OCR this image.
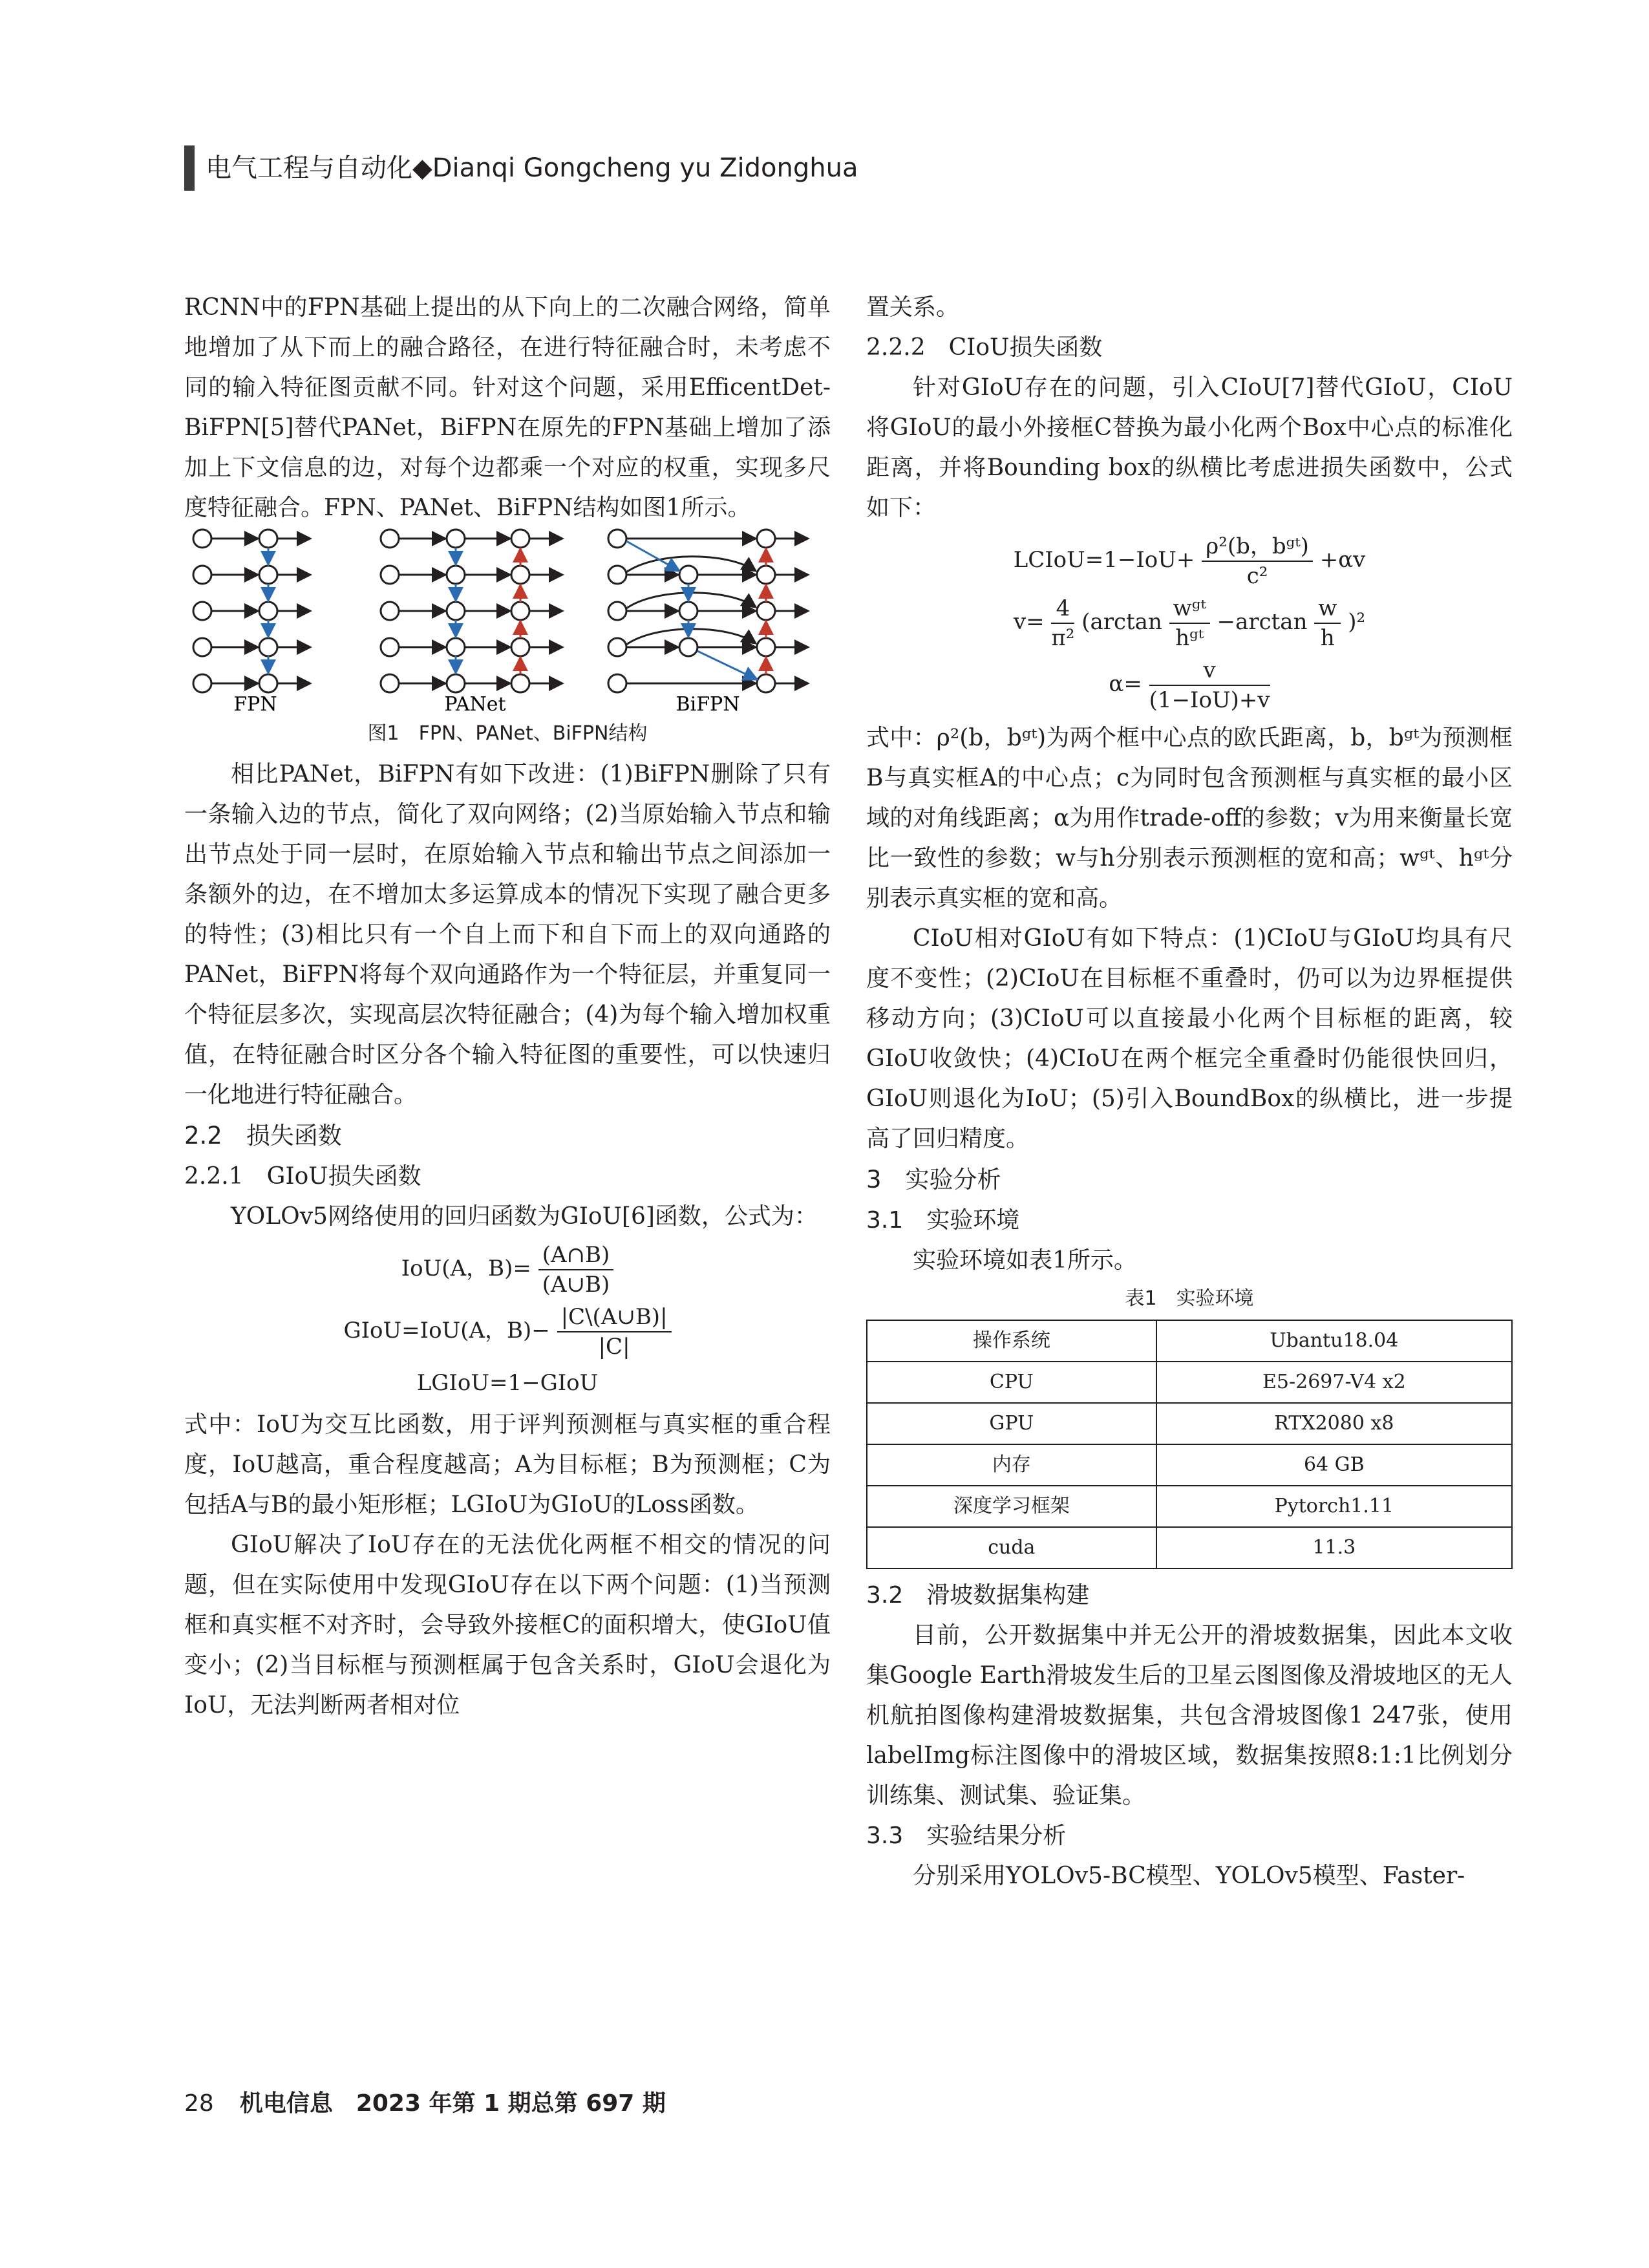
电气工程与自动化◆Dianqi Gongcheng yu Zidonghua

RCNN中的FPN基础上提出的从下向上的二次融合网络，简单地增加了从下而上的融合路径，在进行特征融合时，未考虑不同的输入特征图贡献不同。针对这个问题，采用EfficentDet-BiFPN[5]替代PANet，BiFPN在原先的FPN基础上增加了添加上下文信息的边，对每个边都乘一个对应的权重，实现多尺度特征融合。FPN、PANet、BiFPN结构如图1所示。

FPN	PANet	BiFPN
图1　FPN、PANet、BiFPN结构

相比PANet，BiFPN有如下改进：(1)BiFPN删除了只有一条输入边的节点，简化了双向网络；(2)当原始输入节点和输出节点处于同一层时，在原始输入节点和输出节点之间添加一条额外的边，在不增加太多运算成本的情况下实现了融合更多的特性；(3)相比只有一个自上而下和自下而上的双向通路的PANet，BiFPN将每个双向通路作为一个特征层，并重复同一个特征层多次，实现高层次特征融合；(4)为每个输入增加权重值，在特征融合时区分各个输入特征图的重要性，可以快速归一化地进行特征融合。

2.2　损失函数

2.2.1　GIoU损失函数

YOLOv5网络使用的回归函数为GIoU[6]函数，公式为：

IoU(A，$B)= \frac{(A\cap B)}{(A\cup B)}$
GIoU=IoU(A，$B)- \frac{|C\backslash(A\cup B)|}{|C|}$
LGIoU=1−GIoU

式中：IoU为交互比函数，用于评判预测框与真实框的重合程度，IoU越高，重合程度越高；A为目标框；B为预测框；C为包括A与B的最小矩形框；LGIoU为GIoU的Loss函数。

GIoU解决了IoU存在的无法优化两框不相交的情况的问题，但在实际使用中发现GIoU存在以下两个问题：(1)当预测框和真实框不对齐时，会导致外接框C的面积增大，使GIoU值变小；(2)当目标框与预测框属于包含关系时，GIoU会退化为IoU，无法判断两者相对位

置关系。

2.2.2　CIoU损失函数

针对GIoU存在的问题，引入CIoU[7]替代GIoU，CIoU将GIoU的最小外接框C替换为最小化两个Box中心点的标准化距离，并将Bounding box的纵横比考虑进损失函数中，公式如下：

LCIoU=1−IoU+ $\frac{\text{ρ²(b，bᵍᵗ)}}{\text{c²}} +\alpha v$
$v= \frac{4}{\text{π²}} (\arctan \frac{\text{wᵍᵗ}}{\text{hᵍᵗ}} -\arctan \frac{w}{h} )^2$
$\alpha= \frac{v}{\text{(1−IoU)+v}}$

式中：ρ²(b，bᵍᵗ)为两个框中心点的欧氏距离，b，bᵍᵗ为预测框B与真实框A的中心点；c为同时包含预测框与真实框的最小区域的对角线距离；α为用作trade-off的参数；v为用来衡量长宽比一致性的参数；w与h分别表示预测框的宽和高；wᵍᵗ、hᵍᵗ分别表示真实框的宽和高。

CIoU相对GIoU有如下特点：(1)CIoU与GIoU均具有尺度不变性；(2)CIoU在目标框不重叠时，仍可以为边界框提供移动方向；(3)CIoU可以直接最小化两个目标框的距离，较GIoU收敛快；(4)CIoU在两个框完全重叠时仍能很快回归，GIoU则退化为IoU；(5)引入BoundBox的纵横比，进一步提高了回归精度。

3　实验分析

3.1　实验环境

实验环境如表1所示。

表1　实验环境
操作系统	Ubantu18.04
CPU	E5-2697-V4 x2
GPU	RTX2080 x8
内存	64 GB
深度学习框架	Pytorch1.11
cuda	11.3

3.2　滑坡数据集构建

目前，公开数据集中并无公开的滑坡数据集，因此本文收集Google Earth滑坡发生后的卫星云图图像及滑坡地区的无人机航拍图像构建滑坡数据集，共包含滑坡图像1 247张，使用labelImg标注图像中的滑坡区域，数据集按照8:1:1比例划分训练集、测试集、验证集。

3.3　实验结果分析

分别采用YOLOv5-BC模型、YOLOv5模型、Faster-

28 机电信息　2023 年第 1 期总第 697 期
